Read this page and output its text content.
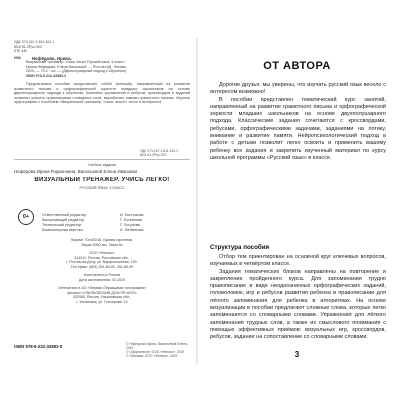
УДК 373.167.1:811.161.1
ББК 81.2Рус-922
КТК 440
Н58	Нефёдова, Ирина.
Визуальный тренажёр. Учись легко! Русский язык. 4 класс /
Ирина Нефёдова, Елена Василькой. — Ростов н/Д : Феникс,
2020. — 70 с. : ил. — (Двухполушарный подход к обучению).
ISBN 978-5-222-32983-0

Предлагаемое пособие представляет собой тренажёр, направленный на развитие грамотного письма и орфографической зоркости младших школьников на основе двухполушарного подхода к обучению. Комплекс упражнений и ребусов, кроссвордов и заданий позволит усвоить правописание словарных слов, выработать навыки грамотного письма. Изучать орфографию с пособием «Визуальный тренажёр. Учись легко!» легко и интересно!

УДК 373.167.1:811.161.1
ББК 81.2Рус-922
Учебное издание
Нефёдова Ирина Родионовна, Васильевой Елена Ивановна
ВИЗУАЛЬНЫЙ ТРЕНАЖЁР. УЧИСЬ ЛЕГКО!
РУССКИЙ ЯЗЫК. 4 КЛАСС
0+	Ответственный редактор	И. Костюкова
Выпускающий редактор	Г. Логвинова
Технический редактор	Г. Логунова
Компьютерная верстка	А. Литвинова
Формат 70х100/16. Бумага офсетная.
Тираж 3000 экз. Заказ №
ООО «Феникс»
344011, Россия, Ростовская обл.,
г. Ростов-на-Дону, ул. Варфоломеева, 150.
Тел./факс: (863) 261-89-50, 261-89-59
Изготовлено в России
Дата изготовления: 02.2020
Отпечатано в АО «Первая Образцовая типография»
филиал «УЛЬЯНОВСКИЙ ДОМ ПЕЧАТИ»
432980, Россия, Ульяновская обл.,
г. Ульяновск, ул. Гончарова, 14
ISBN 978-5-222-32983-0	© Нефёдова Ирина, Васильевой Елена, 2019
© Оформление: ООО «Феникс», 2019
© Обложка: ООО «Феникс», 2019
ОТ АВТОРА

Дорогие друзья, мы уверены, что изучать русский язык весело с интересом возможно!

В пособии представлен тематический курс занятий, направленный на развитие грамотного письма и орфографической зоркости младших школьников на основе двухполушарного подхода. Классические задания сочетаются с кроссвордами, ребусами, орфографическими задачами, заданиями на логику, внимание и развитие памяти. Нейропсихологический подход в работе с детьми позволит легко освоить и применить вашему ребенку все задания и закрепить изученный материал по курсу школьной программы «Русский язык» в классе.

Структура пособия

Отбор тем ориентирован на основной круг ключевых вопросов, изучаемых в четвёртом классе.

Задания тематических блоков направлены на повторение и закрепление пройденного курса. Для запоминания трудно правописание в виде неоднозначных орфографических заданий, головоломок, игр и ребусов развития ребенка в правописании для лёгкого запоминания для ребенка в алгоритмах. На основе визуализации в пособии предлагают сложные слова, которые легко запоминаются со словарными словами. Упражнения для лёгкого запоминания трудных слов, а также их смыслового понимания с помощью эффективных приёмов: визуальных игр, кроссвордов, ребусов, задание на сопоставление со словарными словами.

3
